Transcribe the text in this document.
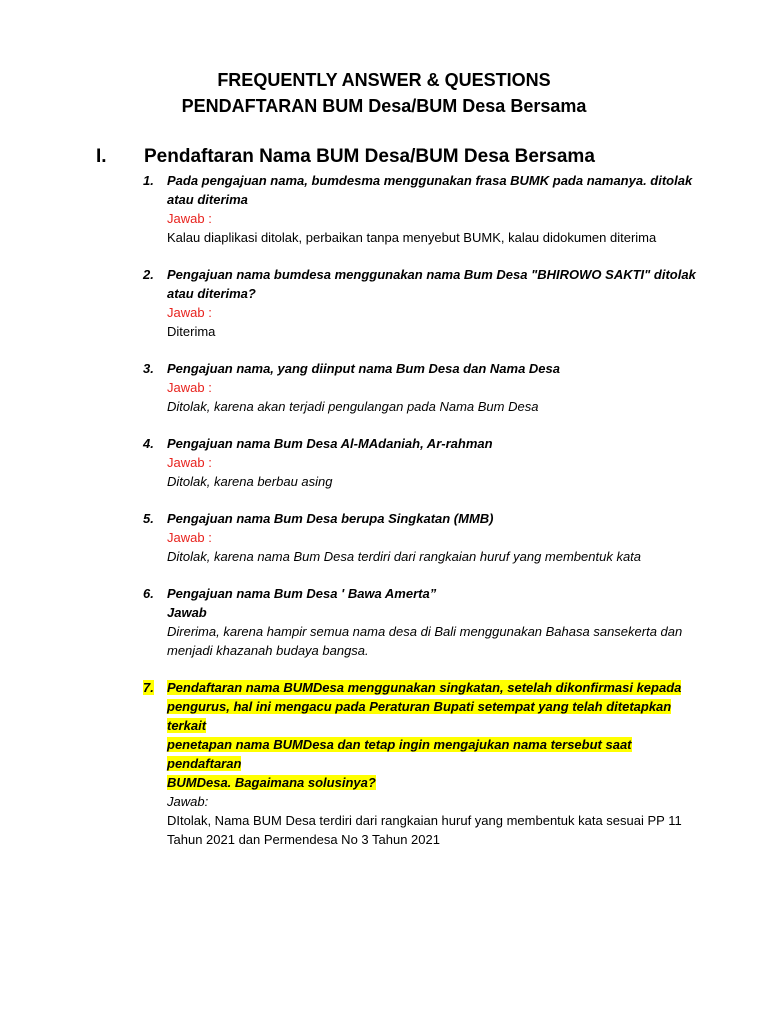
FREQUENTLY ANSWER & QUESTIONS
PENDAFTARAN BUM Desa/BUM Desa Bersama
I. Pendaftaran Nama BUM Desa/BUM Desa Bersama
1. Pada pengajuan nama, bumdesma menggunakan frasa BUMK pada namanya. ditolak
atau diterima
Jawab :
Kalau diaplikasi ditolak, perbaikan tanpa menyebut BUMK, kalau didokumen diterima
2. Pengajuan nama bumdesa menggunakan nama Bum Desa "BHIROWO SAKTI" ditolak
atau diterima?
Jawab :
Diterima
3. Pengajuan nama, yang diinput nama Bum Desa dan Nama Desa
Jawab :
Ditolak, karena akan terjadi pengulangan pada Nama Bum Desa
4. Pengajuan nama Bum Desa Al-MAdaniah, Ar-rahman
Jawab :
Ditolak, karena berbau asing
5. Pengajuan nama Bum Desa berupa Singkatan (MMB)
Jawab :
Ditolak, karena nama Bum Desa terdiri dari rangkaian huruf yang membentuk kata
6. Pengajuan nama Bum Desa ' Bawa Amerta”
Jawab
Direrima, karena hampir semua nama desa di Bali menggunakan Bahasa sansekerta dan
menjadi khazanah budaya bangsa.
7. Pendaftaran nama BUMDesa menggunakan singkatan, setelah dikonfirmasi kepada
pengurus, hal ini mengacu pada Peraturan Bupati setempat yang telah ditetapkan terkait
penetapan nama BUMDesa dan tetap ingin mengajukan nama tersebut saat pendaftaran
BUMDesa. Bagaimana solusinya?
Jawab:
DItolak, Nama BUM Desa terdiri dari rangkaian huruf yang membentuk kata sesuai PP 11
Tahun 2021 dan Permendesa No 3 Tahun 2021
